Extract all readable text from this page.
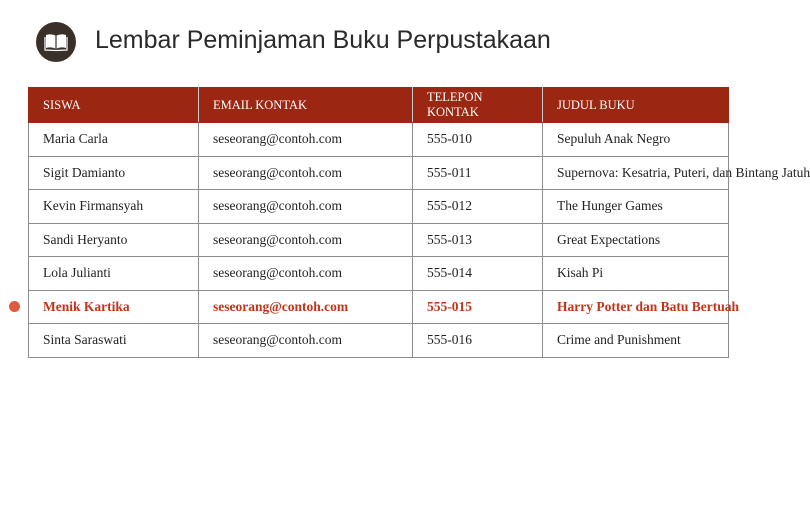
Lembar Peminjaman Buku Perpustakaan
SISWA	EMAIL KONTAK	TELEPON KONTAK	JUDUL BUKU
Maria Carla	seseorang@contoh.com	555-010	Sepuluh Anak Negro
Sigit Damianto	seseorang@contoh.com	555-011	Supernova: Kesatria, Puteri, dan Bintang Jatuh
Kevin Firmansyah	seseorang@contoh.com	555-012	The Hunger Games
Sandi Heryanto	seseorang@contoh.com	555-013	Great Expectations
Lola Julianti	seseorang@contoh.com	555-014	Kisah Pi
Menik Kartika	seseorang@contoh.com	555-015	Harry Potter dan Batu Bertuah
Sinta Saraswati	seseorang@contoh.com	555-016	Crime and Punishment
